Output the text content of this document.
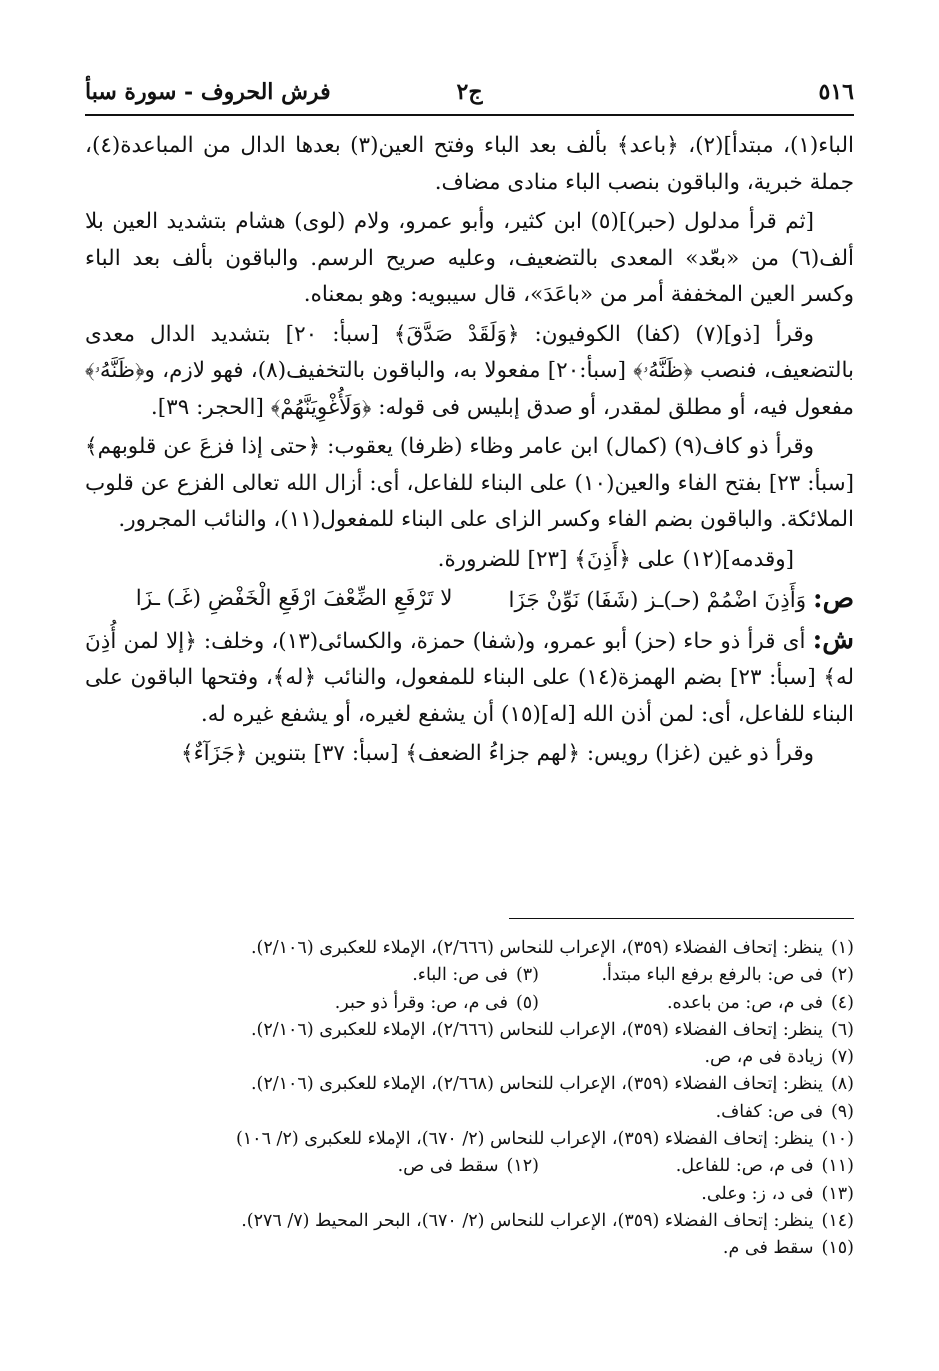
٥١٦
فرش الحروف - سورة سبأ	ج٢

الباء(١)، مبتدأ](٢)، ﴿باعد﴾ بألف بعد الباء وفتح العين(٣) بعدها الدال من المباعدة(٤)، جملة خبرية، والباقون بنصب الباء منادى مضاف.

[ثم قرأ مدلول (حبر)](٥) ابن كثير، وأبو عمرو، ولام (لوى) هشام بتشديد العين بلا ألف(٦) من «بعّد» المعدى بالتضعيف، وعليه صريح الرسم. والباقون بألف بعد الباء وكسر العين المخففة أمر من «باعَدَ»، قال سيبويه: وهو بمعناه.

وقرأ [ذو](٧) (كفا) الكوفيون: ﴿وَلَقَدْ صَدَّقَ﴾ [سبأ: ٢٠] بتشديد الدال معدى بالتضعيف، فنصب ﴿ظَنَّهُۥ﴾ [سبأ:٢٠] مفعولا به، والباقون بالتخفيف(٨)، فهو لازم، و﴿ظَنَّهُۥ﴾ مفعول فيه، أو مطلق لمقدر، أو صدق إبليس فى قوله: ﴿وَلَأُغْوِيَنَّهُمْ﴾ [الحجر: ٣٩].

وقرأ ذو كاف(٩) (كمال) ابن عامر وظاء (ظرفا) يعقوب: ﴿حتى إذا فزعَ عن قلوبهم﴾ [سبأ: ٢٣] بفتح الفاء والعين(١٠) على البناء للفاعل، أى: أزال الله تعالى الفزع عن قلوب الملائكة. والباقون بضم الفاء وكسر الزاى على البناء للمفعول(١١)، والنائب المجرور.

[وقدمه](١٢) على ﴿أَذِنَ﴾ [٢٣] للضرورة.

ص: وَأَذِنَ اضْمُمْ (حـ)ـز (شَفَا) نَوِّنْ جَزَا
لا تَرْفَعِ الضِّعْفَ ارْفَعِ الْخَفْضِ (غَـ) ـزَا

ش: أى قرأ ذو حاء (حز) أبو عمرو، و(شفا) حمزة، والكسائى(١٣)، وخلف: ﴿إلا لمن أُذِنَ له﴾ [سبأ: ٢٣] بضم الهمزة(١٤) على البناء للمفعول، والنائب ﴿له﴾، وفتحها الباقون على البناء للفاعل، أى: لمن أذن الله [له](١٥) أن يشفع لغيره، أو يشفع غيره له.

وقرأ ذو غين (غزا) رويس: ﴿لهم جزاءُ الضعف﴾ [سبأ: ٣٧] بتنوين ﴿جَزَآءٌ﴾

(١)
ينظر: إتحاف الفضلاء (٣٥٩)، الإعراب للنحاس (٢/٦٦٦)، الإملاء للعكبرى (٢/١٠٦).
(٢)
فى ص: بالرفع برفع الباء مبتدأ.
(٣)
فى ص: الباء.
(٤)
فى م، ص: من باعده.
(٥)
فى م، ص: وقرأ ذو حبر.
(٦)
ينظر: إتحاف الفضلاء (٣٥٩)، الإعراب للنحاس (٢/٦٦٦)، الإملاء للعكبرى (٢/١٠٦).
(٧)
زيادة فى م، ص.
(٨)
ينظر: إتحاف الفضلاء (٣٥٩)، الإعراب للنحاس (٢/٦٦٨)، الإملاء للعكبرى (٢/١٠٦).
(٩)
فى ص: كفاف.
(١٠)
ينظر: إتحاف الفضلاء (٣٥٩)، الإعراب للنحاس (٢/ ٦٧٠)، الإملاء للعكبرى (٢/ ١٠٦)
(١١)
فى م، ص: للفاعل.
(١٢)
سقط فى ص.
(١٣)
فى د، ز: وعلى.
(١٤)
ينظر: إتحاف الفضلاء (٣٥٩)، الإعراب للنحاس (٢/ ٦٧٠)، البحر المحيط (٧/ ٢٧٦).
(١٥)
سقط فى م.
